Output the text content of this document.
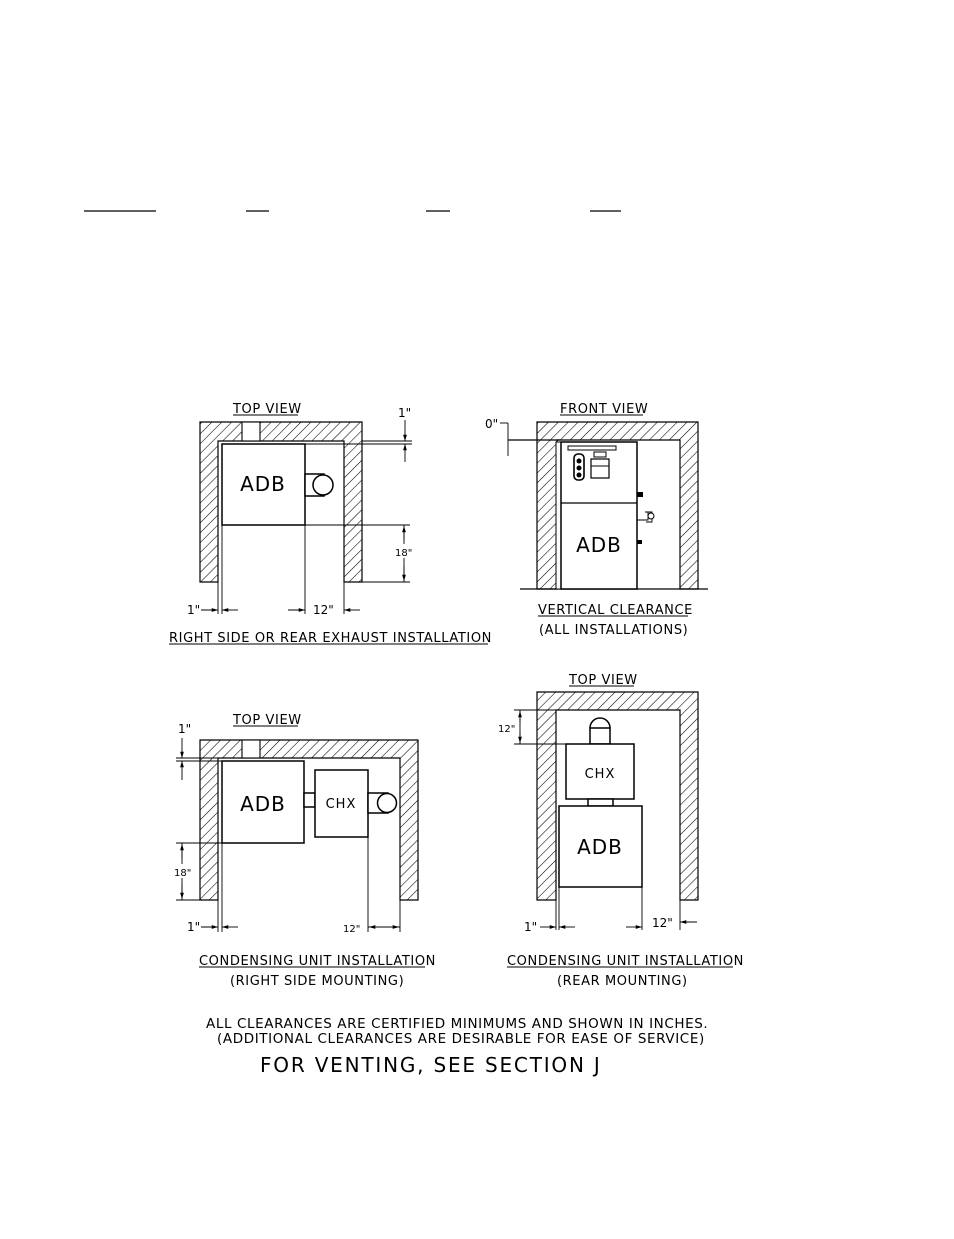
TOP VIEW
ADB
1"
18"
1"	12"
RIGHT SIDE OR REAR EXHAUST INSTALLATION
FRONT VIEW
0"
ADB
VERTICAL CLEARANCE
(ALL INSTALLATIONS)
TOP VIEW
ADB	CHX
1"
18"
1"	12"
CONDENSING UNIT INSTALLATION
(RIGHT SIDE MOUNTING)
TOP VIEW
CHX
ADB
12"
1"	12"
CONDENSING UNIT INSTALLATION
(REAR MOUNTING)
ALL CLEARANCES ARE CERTIFIED MINIMUMS AND SHOWN IN INCHES.
(ADDITIONAL CLEARANCES ARE DESIRABLE FOR EASE OF SERVICE)
FOR VENTING, SEE SECTION J
